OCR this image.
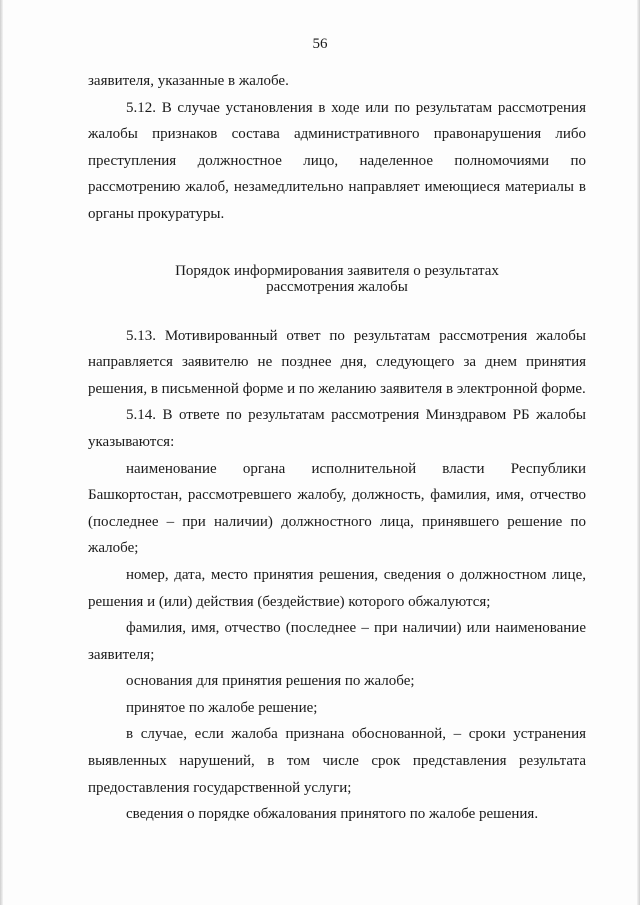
56

заявителя, указанные в жалобе.

5.12. В случае установления в ходе или по результатам рассмотрения жалобы признаков состава административного правонарушения либо преступления должностное лицо, наделенное полномочиями по рассмотрению жалоб, незамедлительно направляет имеющиеся материалы в органы прокуратуры.

Порядок информирования заявителя о результатах

рассмотрения жалобы

5.13. Мотивированный ответ по результатам рассмотрения жалобы направляется заявителю не позднее дня, следующего за днем принятия решения, в письменной форме и по желанию заявителя в электронной форме.

5.14. В ответе по результатам рассмотрения Минздравом РБ жалобы указываются:

наименование органа исполнительной власти Республики Башкортостан, рассмотревшего жалобу, должность, фамилия, имя, отчество (последнее – при наличии) должностного лица, принявшего решение по жалобе;

номер, дата, место принятия решения, сведения о должностном лице, решения и (или) действия (бездействие) которого обжалуются;

фамилия, имя, отчество (последнее – при наличии) или наименование заявителя;

основания для принятия решения по жалобе;

принятое по жалобе решение;

в случае, если жалоба признана обоснованной, – сроки устранения выявленных нарушений, в том числе срок представления результата предоставления государственной услуги;

сведения о порядке обжалования принятого по жалобе решения.
